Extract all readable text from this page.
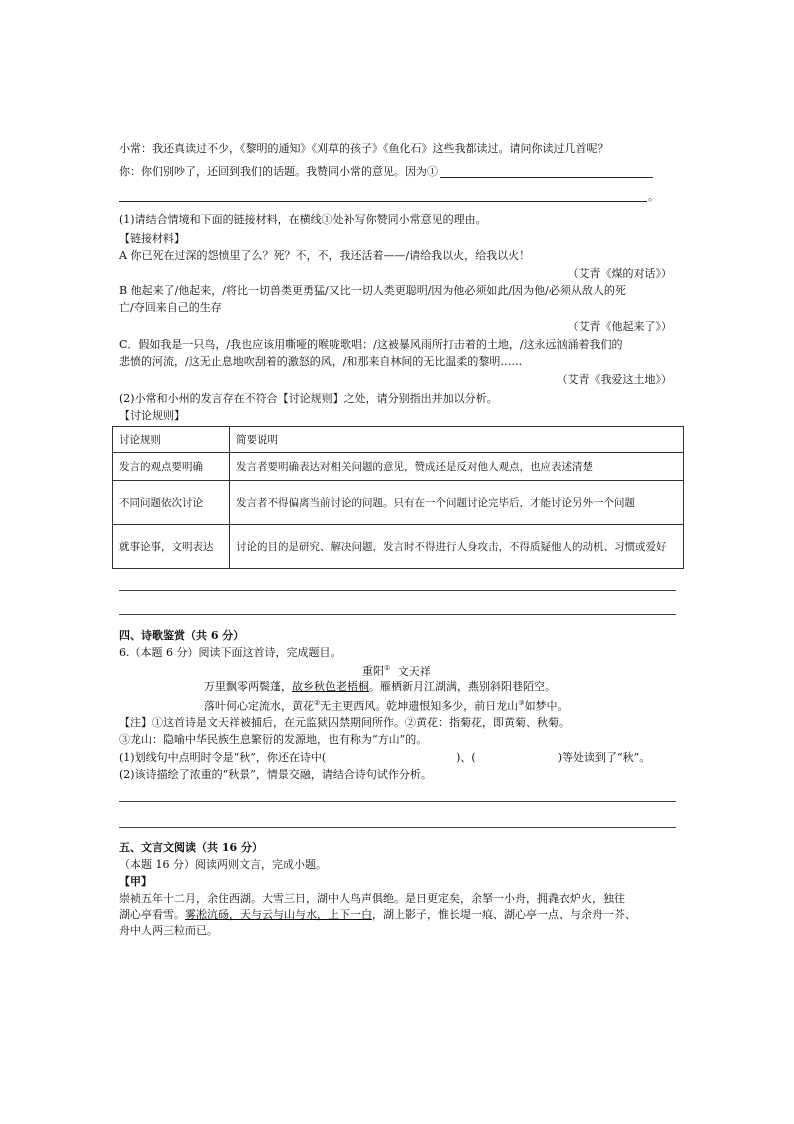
小常：我还真读过不少，《黎明的通知》《刈草的孩子》《鱼化石》这些我都读过。请问你读过几首呢？
你：你们别吵了，还回到我们的话题。我赞同小常的意见。因为①
。
(1)请结合情境和下面的链接材料，在横线①处补写你赞同小常意见的理由。
【链接材料】
A 你已死在过深的怨愤里了么？死？不，不，我还活着——/请给我以火，给我以火！
（艾青《煤的对话》）
B 他起来了/他起来，/将比一切兽类更勇猛/又比一切人类更聪明/因为他必须如此/因为他/必须从敌人的死
亡/夺回来自己的生存
（艾青《他起来了》）
C．假如我是一只鸟，/我也应该用嘶哑的喉咙歌唱：/这被暴风雨所打击着的土地，/这永远汹涌着我们的
悲愤的河流，/这无止息地吹刮着的激怒的风，/和那来自林间的无比温柔的黎明……
（艾青《我爱这土地》）
(2)小常和小州的发言存在不符合【讨论规则】之处，请分别指出并加以分析。
【讨论规则】
讨论规则	简要说明
发言的观点要明确	发言者要明确表达对相关问题的意见，赞成还是反对他人观点，也应表述清楚
不同问题依次讨论	发言者不得偏离当前讨论的问题。只有在一个问题讨论完毕后，才能讨论另外一个问题
就事论事，文明表达	讨论的目的是研究、解决问题，发言时不得进行人身攻击，不得质疑他人的动机、习惯或爱好
四、诗歌鉴赏（共 6 分）
6.（本题 6 分）阅读下面这首诗，完成题目。
重阳① 文天祥
万里飘零两鬓蓬，故乡秋色老梧桐。雁栖新月江湖满，燕别斜阳巷陌空。
落叶何心定流水，黄花②无主更西风。乾坤遗恨知多少，前日龙山③如梦中。
【注】①这首诗是文天祥被捕后，在元监狱囚禁期间所作。②黄花：指菊花，即黄菊、秋菊。
③龙山：隐喻中华民族生息繁衍的发源地，也有称为“方山”的。
(1)划线句中点明时令是“秋”，你还在诗中(	)、(	)等处读到了“秋”。
(2)该诗描绘了浓重的“秋景”，情景交融，请结合诗句试作分析。
五、文言文阅读（共 16 分）
（本题 16 分）阅读两则文言，完成小题。
【甲】
崇祯五年十二月，余住西湖。大雪三日，湖中人鸟声俱绝。是日更定矣，余拏一小舟，拥毳衣炉火，独往
湖心亭看雪。雾凇沆砀，天与云与山与水，上下一白，湖上影子，惟长堤一痕、湖心亭一点、与余舟一芥、
舟中人两三粒而已。
